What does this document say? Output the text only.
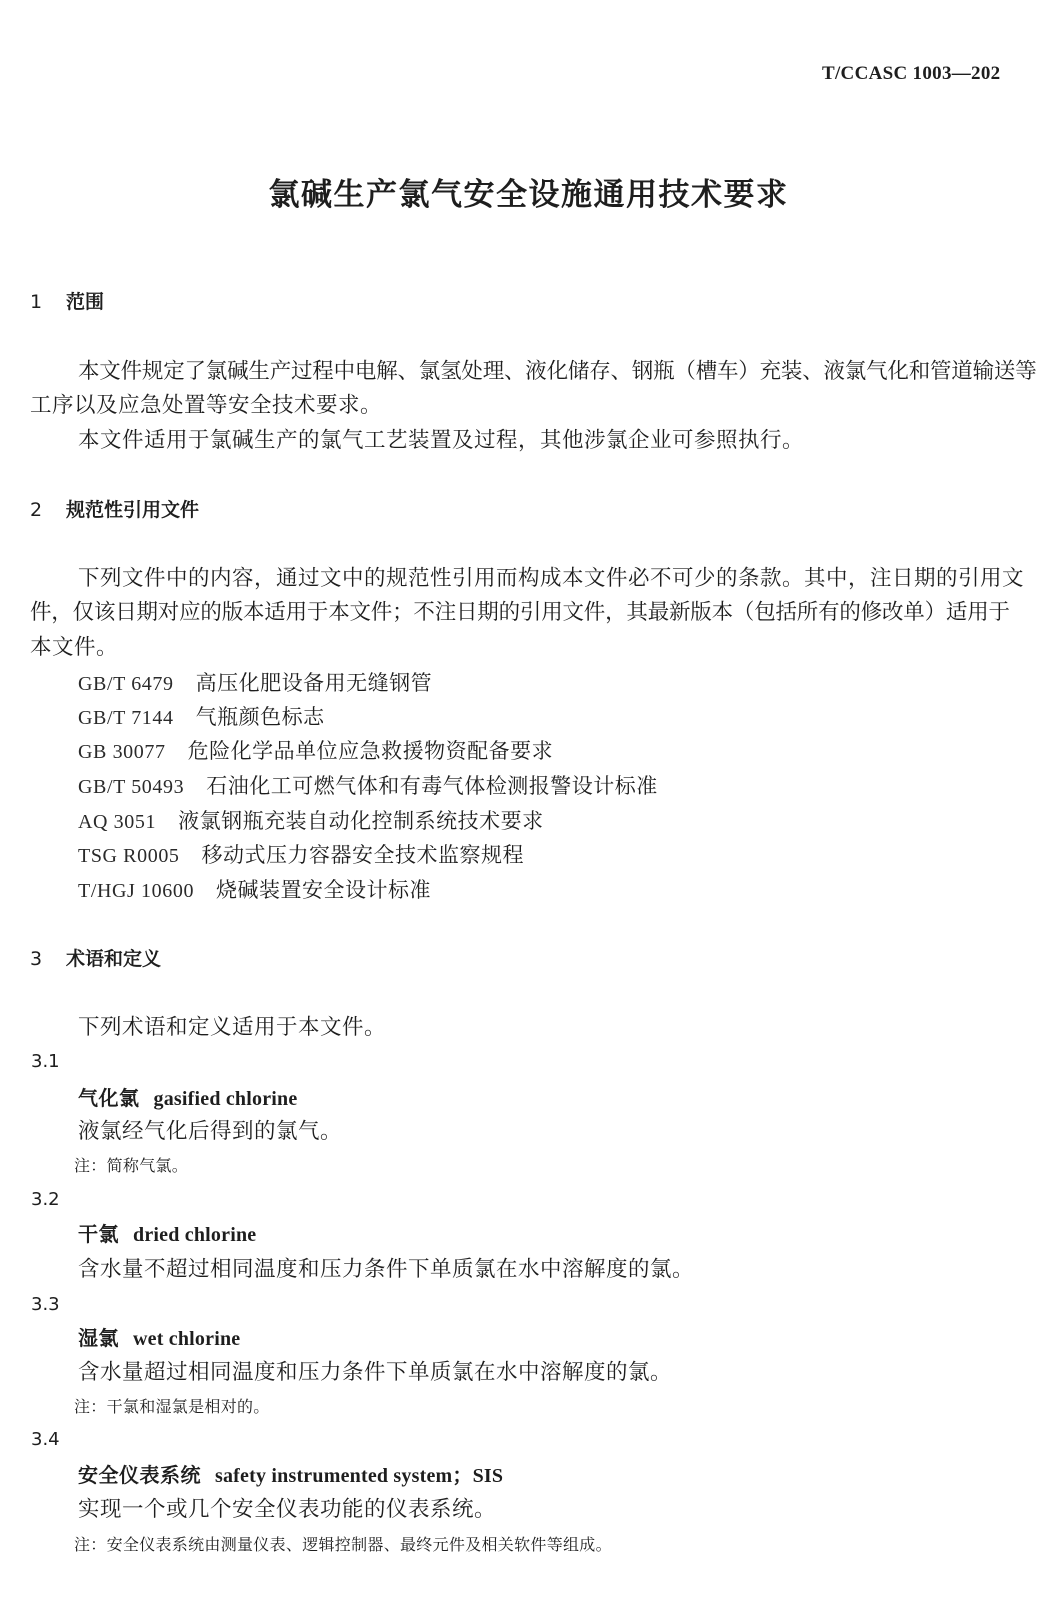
T/CCASC 1003—202
氯碱生产氯气安全设施通用技术要求
1 范围
本文件规定了氯碱生产过程中电解、氯氢处理、液化储存、钢瓶（槽车）充装、液氯气化和管道输送等
工序以及应急处置等安全技术要求。
本文件适用于氯碱生产的氯气工艺装置及过程，其他涉氯企业可参照执行。
2 规范性引用文件
下列文件中的内容，通过文中的规范性引用而构成本文件必不可少的条款。其中，注日期的引用文
件，仅该日期对应的版本适用于本文件；不注日期的引用文件，其最新版本（包括所有的修改单）适用于
本文件。
GB/T 6479 高压化肥设备用无缝钢管
GB/T 7144 气瓶颜色标志
GB 30077 危险化学品单位应急救援物资配备要求
GB/T 50493 石油化工可燃气体和有毒气体检测报警设计标准
AQ 3051 液氯钢瓶充装自动化控制系统技术要求
TSG R0005 移动式压力容器安全技术监察规程
T/HGJ 10600 烧碱装置安全设计标准
3 术语和定义
下列术语和定义适用于本文件。
3.1
气化氯 gasified chlorine
液氯经气化后得到的氯气。
注：简称气氯。
3.2
干氯 dried chlorine
含水量不超过相同温度和压力条件下单质氯在水中溶解度的氯。
3.3
湿氯 wet chlorine
含水量超过相同温度和压力条件下单质氯在水中溶解度的氯。
注：干氯和湿氯是相对的。
3.4
安全仪表系统 safety instrumented system；SIS
实现一个或几个安全仪表功能的仪表系统。
注：安全仪表系统由测量仪表、逻辑控制器、最终元件及相关软件等组成。
